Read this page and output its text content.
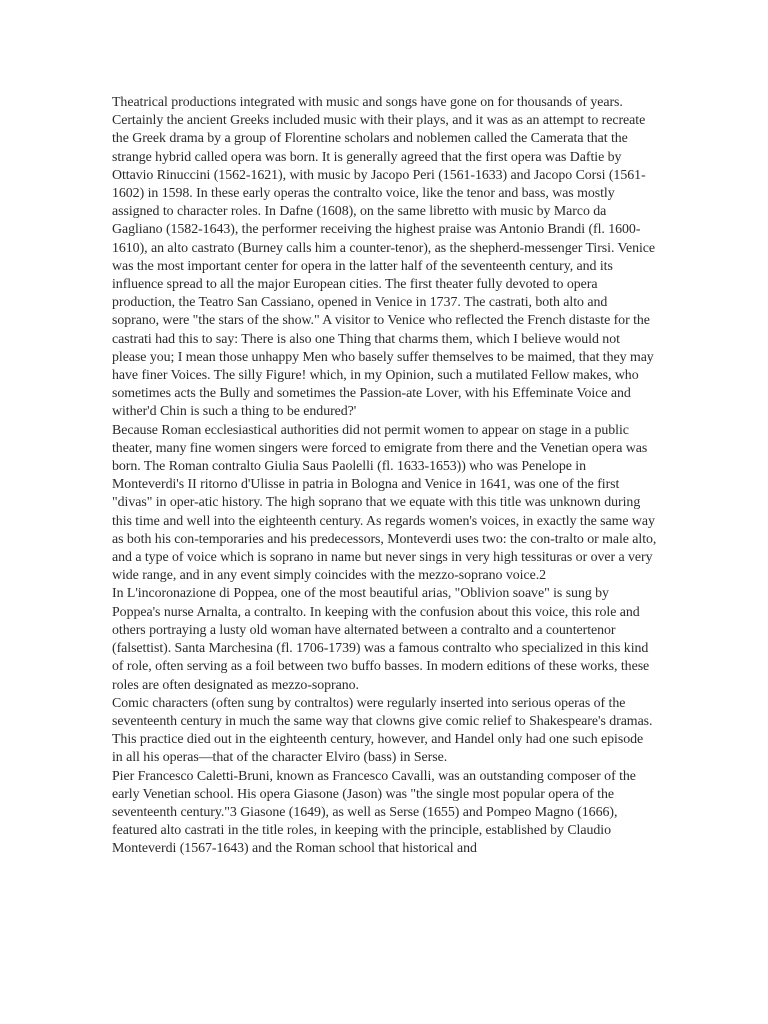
Theatrical productions integrated with music and songs have gone on for thousands of years. Certainly the ancient Greeks included music with their plays, and it was as an attempt to recreate the Greek drama by a group of Florentine scholars and noblemen called the Camerata that the strange hybrid called opera was born. It is generally agreed that the first opera was Daftie by Ottavio Rinuccini (1562-1621), with music by Jacopo Peri (1561-1633) and Jacopo Corsi (1561-1602) in 1598. In these early operas the contralto voice, like the tenor and bass, was mostly assigned to character roles. In Dafne (1608), on the same libretto with music by Marco da Gagliano (1582-1643), the performer receiving the highest praise was Antonio Brandi (fl. 1600-1610), an alto castrato (Burney calls him a counter-tenor), as the shepherd-messenger Tirsi. Venice was the most important center for opera in the latter half of the seventeenth century, and its influence spread to all the major European cities. The first theater fully devoted to opera production, the Teatro San Cassiano, opened in Venice in 1737. The castrati, both alto and soprano, were "the stars of the show." A visitor to Venice who reflected the French distaste for the castrati had this to say: There is also one Thing that charms them, which I believe would not please you; I mean those unhappy Men who basely suffer themselves to be maimed, that they may have finer Voices. The silly Figure! which, in my Opinion, such a mutilated Fellow makes, who sometimes acts the Bully and sometimes the Passion-ate Lover, with his Effeminate Voice and wither'd Chin is such a thing to be endured?'

Because Roman ecclesiastical authorities did not permit women to appear on stage in a public theater, many fine women singers were forced to emigrate from there and the Venetian opera was born. The Roman contralto Giulia Saus Paolelli (fl. 1633-1653)) who was Penelope in Monteverdi's II ritorno d'Ulisse in patria in Bologna and Venice in 1641, was one of the first "divas" in oper-atic history. The high soprano that we equate with this title was unknown during this time and well into the eighteenth century. As regards women's voices, in exactly the same way as both his con-temporaries and his predecessors, Monteverdi uses two: the con-tralto or male alto, and a type of voice which is soprano in name but never sings in very high tessituras or over a very wide range, and in any event simply coincides with the mezzo-soprano voice.2

In L'incoronazione di Poppea, one of the most beautiful arias, "Oblivion soave" is sung by Poppea's nurse Arnalta, a contralto. In keeping with the confusion about this voice, this role and others portraying a lusty old woman have alternated between a contralto and a countertenor (falsettist). Santa Marchesina (fl. 1706-1739) was a famous contralto who specialized in this kind of role, often serving as a foil between two buffo basses. In modern editions of these works, these roles are often designated as mezzo-soprano.

Comic characters (often sung by contraltos) were regularly inserted into serious operas of the seventeenth century in much the same way that clowns give comic relief to Shakespeare's dramas. This practice died out in the eighteenth century, however, and Handel only had one such episode in all his operas—that of the character Elviro (bass) in Serse.

Pier Francesco Caletti-Bruni, known as Francesco Cavalli, was an outstanding composer of the early Venetian school. His opera Giasone (Jason) was "the single most popular opera of the seventeenth century."3 Giasone (1649), as well as Serse (1655) and Pompeo Magno (1666), featured alto castrati in the title roles, in keeping with the principle, established by Claudio Monteverdi (1567-1643) and the Roman school that historical and
